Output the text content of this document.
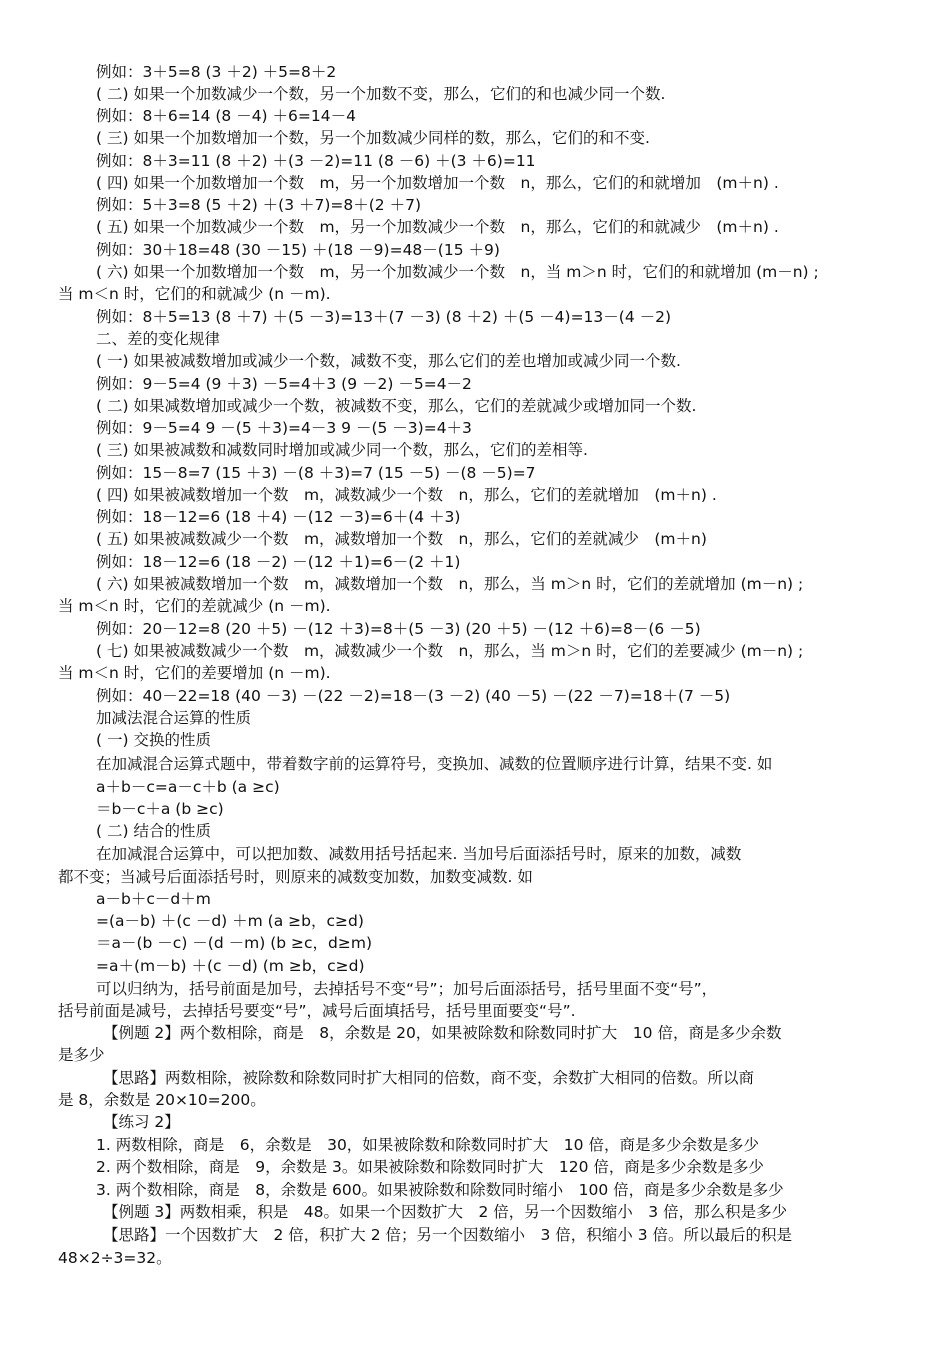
例如：3＋5=8 (3 ＋2) ＋5=8＋2
( 二) 如果一个加数减少一个数，另一个加数不变，那么，它们的和也减少同一个数.
例如：8＋6=14 (8 －4) ＋6=14－4
( 三) 如果一个加数增加一个数，另一个加数减少同样的数，那么，它们的和不变.
例如：8＋3=11 (8 ＋2) ＋(3 －2)=11 (8 －6) ＋(3 ＋6)=11
( 四) 如果一个加数增加一个数　m，另一个加数增加一个数　n，那么，它们的和就增加　(m＋n) .
例如：5＋3=8 (5 ＋2) ＋(3 ＋7)=8＋(2 ＋7)
( 五) 如果一个加数减少一个数　m，另一个加数减少一个数　n，那么，它们的和就减少　(m＋n) .
例如：30＋18=48 (30 －15) ＋(18 －9)=48－(15 ＋9)
( 六) 如果一个加数增加一个数　m，另一个加数减少一个数　n，当 m＞n 时，它们的和就增加 (m－n) ;
当 m＜n 时，它们的和就减少 (n －m).
例如：8＋5=13 (8 ＋7) ＋(5 －3)=13＋(7 －3) (8 ＋2) ＋(5 －4)=13－(4 －2)
二、差的变化规律
( 一) 如果被减数增加或减少一个数，减数不变，那么它们的差也增加或减少同一个数.
例如：9－5=4 (9 ＋3) －5=4＋3 (9 －2) －5=4－2
( 二) 如果减数增加或减少一个数，被减数不变，那么，它们的差就减少或增加同一个数.
例如：9－5=4 9 －(5 ＋3)=4－3 9 －(5 －3)=4＋3
( 三) 如果被减数和减数同时增加或减少同一个数，那么，它们的差相等.
例如：15－8=7 (15 ＋3) －(8 ＋3)=7 (15 －5) －(8 －5)=7
( 四) 如果被减数增加一个数　m，减数减少一个数　n，那么，它们的差就增加　(m＋n) .
例如：18－12=6 (18 ＋4) －(12 －3)=6＋(4 ＋3)
( 五) 如果被减数减少一个数　m，减数增加一个数　n，那么，它们的差就减少　(m＋n)
例如：18－12=6 (18 －2) －(12 ＋1)=6－(2 ＋1)
( 六) 如果被减数增加一个数　m，减数增加一个数　n，那么，当 m＞n 时，它们的差就增加 (m－n) ;
当 m＜n 时，它们的差就减少 (n －m).
例如：20－12=8 (20 ＋5) －(12 ＋3)=8＋(5 －3) (20 ＋5) －(12 ＋6)=8－(6 －5)
( 七) 如果被减数减少一个数　m，减数减少一个数　n，那么，当 m＞n 时，它们的差要减少 (m－n) ;
当 m＜n 时，它们的差要增加 (n －m).
例如：40－22=18 (40 －3) －(22 －2)=18－(3 －2) (40 －5) －(22 －7)=18＋(7 －5)
加减法混合运算的性质
( 一) 交换的性质
在加减混合运算式题中，带着数字前的运算符号，变换加、减数的位置顺序进行计算，结果不变. 如
a＋b－c=a－c＋b (a ≥c)
＝b－c＋a (b ≥c)
( 二) 结合的性质
在加减混合运算中，可以把加数、减数用括号括起来. 当加号后面添括号时，原来的加数，减数
都不变；当减号后面添括号时，则原来的减数变加数，加数变减数. 如
a－b＋c－d＋m
=(a－b) ＋(c －d) ＋m (a ≥b，c≥d)
＝a－(b －c) －(d －m) (b ≥c，d≥m)
=a＋(m－b) ＋(c －d) (m ≥b，c≥d)
可以归纳为，括号前面是加号，去掉括号不变“号”；加号后面添括号，括号里面不变“号”，
括号前面是减号，去掉括号要变“号”，减号后面填括号，括号里面要变“号”.
【例题 2】两个数相除，商是　8，余数是 20，如果被除数和除数同时扩大　10 倍，商是多少余数
是多少
【思路】两数相除，被除数和除数同时扩大相同的倍数，商不变，余数扩大相同的倍数。所以商
是 8，余数是 20×10=200。
【练习 2】
1. 两数相除，商是　6，余数是　30，如果被除数和除数同时扩大　10 倍，商是多少余数是多少
2. 两个数相除，商是　9，余数是 3。如果被除数和除数同时扩大　120 倍，商是多少余数是多少
3. 两个数相除，商是　8，余数是 600。如果被除数和除数同时缩小　100 倍，商是多少余数是多少
【例题 3】两数相乘，积是　48。如果一个因数扩大　2 倍，另一个因数缩小　3 倍，那么积是多少
【思路】一个因数扩大　2 倍，积扩大 2 倍；另一个因数缩小　3 倍，积缩小 3 倍。所以最后的积是
48×2÷3=32。
